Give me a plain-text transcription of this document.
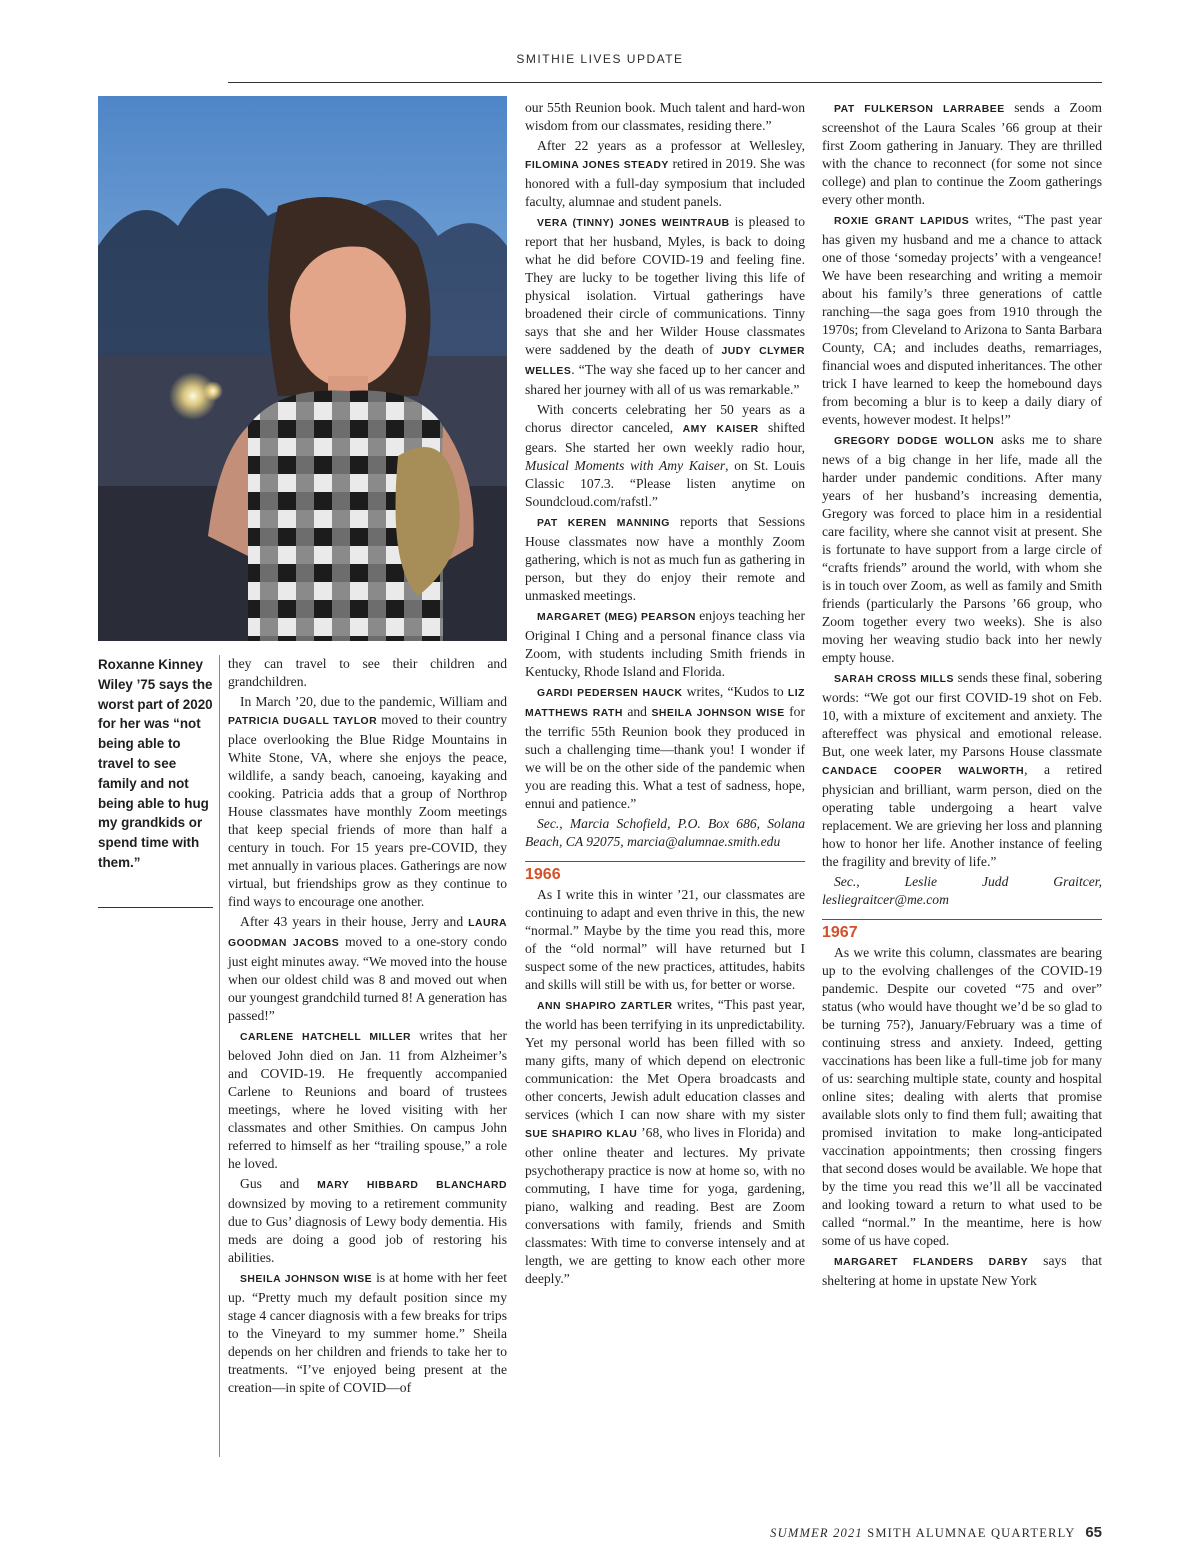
SMITHIE LIVES UPDATE
Roxanne Kinney Wiley ’75 says the worst part of 2020 for her was “not being able to travel to see family and not being able to hug my grandkids or spend time with them.”

they can travel to see their children and grandchildren.

In March ’20, due to the pandemic, William and PATRICIA DUGALL TAYLOR moved to their country place overlooking the Blue Ridge Mountains in White Stone, VA, where she enjoys the peace, wildlife, a sandy beach, canoeing, kayaking and cooking. Patricia adds that a group of Northrop House classmates have monthly Zoom meetings that keep special friends of more than half a century in touch. For 15 years pre-COVID, they met annually in various places. Gatherings are now virtual, but friendships grow as they continue to find ways to encourage one another.

After 43 years in their house, Jerry and LAURA GOODMAN JACOBS moved to a one-story condo just eight minutes away. “We moved into the house when our oldest child was 8 and moved out when our youngest grandchild turned 8! A generation has passed!”

CARLENE HATCHELL MILLER writes that her beloved John died on Jan. 11 from Alzheimer’s and COVID-19. He frequently accompanied Carlene to Reunions and board of trustees meetings, where he loved visiting with her classmates and other Smithies. On campus John referred to himself as her “trailing spouse,” a role he loved.

Gus and MARY HIBBARD BLANCHARD downsized by moving to a retirement community due to Gus’ diagnosis of Lewy body dementia. His meds are doing a good job of restoring his abilities.

SHEILA JOHNSON WISE is at home with her feet up. “Pretty much my default position since my stage 4 cancer diagnosis with a few breaks for trips to the Vineyard to my summer home.” Sheila depends on her children and friends to take her to treatments. “I’ve enjoyed being present at the creation—in spite of COVID—of

our 55th Reunion book. Much talent and hard-won wisdom from our classmates, residing there.”

After 22 years as a professor at Wellesley, FILOMINA JONES STEADY retired in 2019. She was honored with a full-day symposium that included faculty, alumnae and student panels.

VERA (TINNY) JONES WEINTRAUB is pleased to report that her husband, Myles, is back to doing what he did before COVID-19 and feeling fine. They are lucky to be together living this life of physical isolation. Virtual gatherings have broadened their circle of communications. Tinny says that she and her Wilder House classmates were saddened by the death of JUDY CLYMER WELLES. “The way she faced up to her cancer and shared her journey with all of us was remarkable.”

With concerts celebrating her 50 years as a chorus director canceled, AMY KAISER shifted gears. She started her own weekly radio hour, Musical Moments with Amy Kaiser, on St. Louis Classic 107.3. “Please listen anytime on Soundcloud.com/rafstl.”

PAT KEREN MANNING reports that Sessions House classmates now have a monthly Zoom gathering, which is not as much fun as gathering in person, but they do enjoy their remote and unmasked meetings.

MARGARET (MEG) PEARSON enjoys teaching her Original I Ching and a personal finance class via Zoom, with students including Smith friends in Kentucky, Rhode Island and Florida.

GARDI PEDERSEN HAUCK writes, “Kudos to LIZ MATTHEWS RATH and SHEILA JOHNSON WISE for the terrific 55th Reunion book they produced in such a challenging time—thank you! I wonder if we will be on the other side of the pandemic when you are reading this. What a test of sadness, hope, ennui and patience.”

Sec., Marcia Schofield, P.O. Box 686, Solana Beach, CA 92075, marcia@alumnae.smith.edu

1966

As I write this in winter ’21, our classmates are continuing to adapt and even thrive in this, the new “normal.” Maybe by the time you read this, more of the “old normal” will have returned but I suspect some of the new practices, attitudes, habits and skills will still be with us, for better or worse.

ANN SHAPIRO ZARTLER writes, “This past year, the world has been terrifying in its unpredictability. Yet my personal world has been filled with so many gifts, many of which depend on electronic communication: the Met Opera broadcasts and other concerts, Jewish adult education classes and services (which I can now share with my sister SUE SHAPIRO KLAU ’68, who lives in Florida) and other online theater and lectures. My private psychotherapy practice is now at home so, with no commuting, I have time for yoga, gardening, piano, walking and reading. Best are Zoom conversations with family, friends and Smith classmates: With time to converse intensely and at length, we are getting to know each other more deeply.”

PAT FULKERSON LARRABEE sends a Zoom screenshot of the Laura Scales ’66 group at their first Zoom gathering in January. They are thrilled with the chance to reconnect (for some not since college) and plan to continue the Zoom gatherings every other month.

ROXIE GRANT LAPIDUS writes, “The past year has given my husband and me a chance to attack one of those ‘someday projects’ with a vengeance! We have been researching and writing a memoir about his family’s three generations of cattle ranching—the saga goes from 1910 through the 1970s; from Cleveland to Arizona to Santa Barbara County, CA; and includes deaths, remarriages, financial woes and disputed inheritances. The other trick I have learned to keep the homebound days from becoming a blur is to keep a daily diary of events, however modest. It helps!”

GREGORY DODGE WOLLON asks me to share news of a big change in her life, made all the harder under pandemic conditions. After many years of her husband’s increasing dementia, Gregory was forced to place him in a residential care facility, where she cannot visit at present. She is fortunate to have support from a large circle of “crafts friends” around the world, with whom she is in touch over Zoom, as well as family and Smith friends (particularly the Parsons ’66 group, who Zoom together every two weeks). She is also moving her weaving studio back into her newly empty house.

SARAH CROSS MILLS sends these final, sobering words: “We got our first COVID-19 shot on Feb. 10, with a mixture of excitement and anxiety. The aftereffect was physical and emotional release. But, one week later, my Parsons House classmate CANDACE COOPER WALWORTH, a retired physician and brilliant, warm person, died on the operating table undergoing a heart valve replacement. We are grieving her loss and planning how to honor her life. Another instance of feeling the fragility and brevity of life.”

Sec., Leslie Judd Graitcer, lesliegraitcer@me.com

1967

As we write this column, classmates are bearing up to the evolving challenges of the COVID-19 pandemic. Despite our coveted “75 and over” status (who would have thought we’d be so glad to be turning 75?), January/February was a time of continuing stress and anxiety. Indeed, getting vaccinations has been like a full-time job for many of us: searching multiple state, county and hospital online sites; dealing with alerts that promise available slots only to find them full; awaiting that promised invitation to make long-anticipated vaccination appointments; then crossing fingers that second doses would be available. We hope that by the time you read this we’ll all be vaccinated and looking toward a return to what used to be called “normal.” In the meantime, here is how some of us have coped.

MARGARET FLANDERS DARBY says that sheltering at home in upstate New York

SUMMER 2021 SMITH ALUMNAE QUARTERLY 65
